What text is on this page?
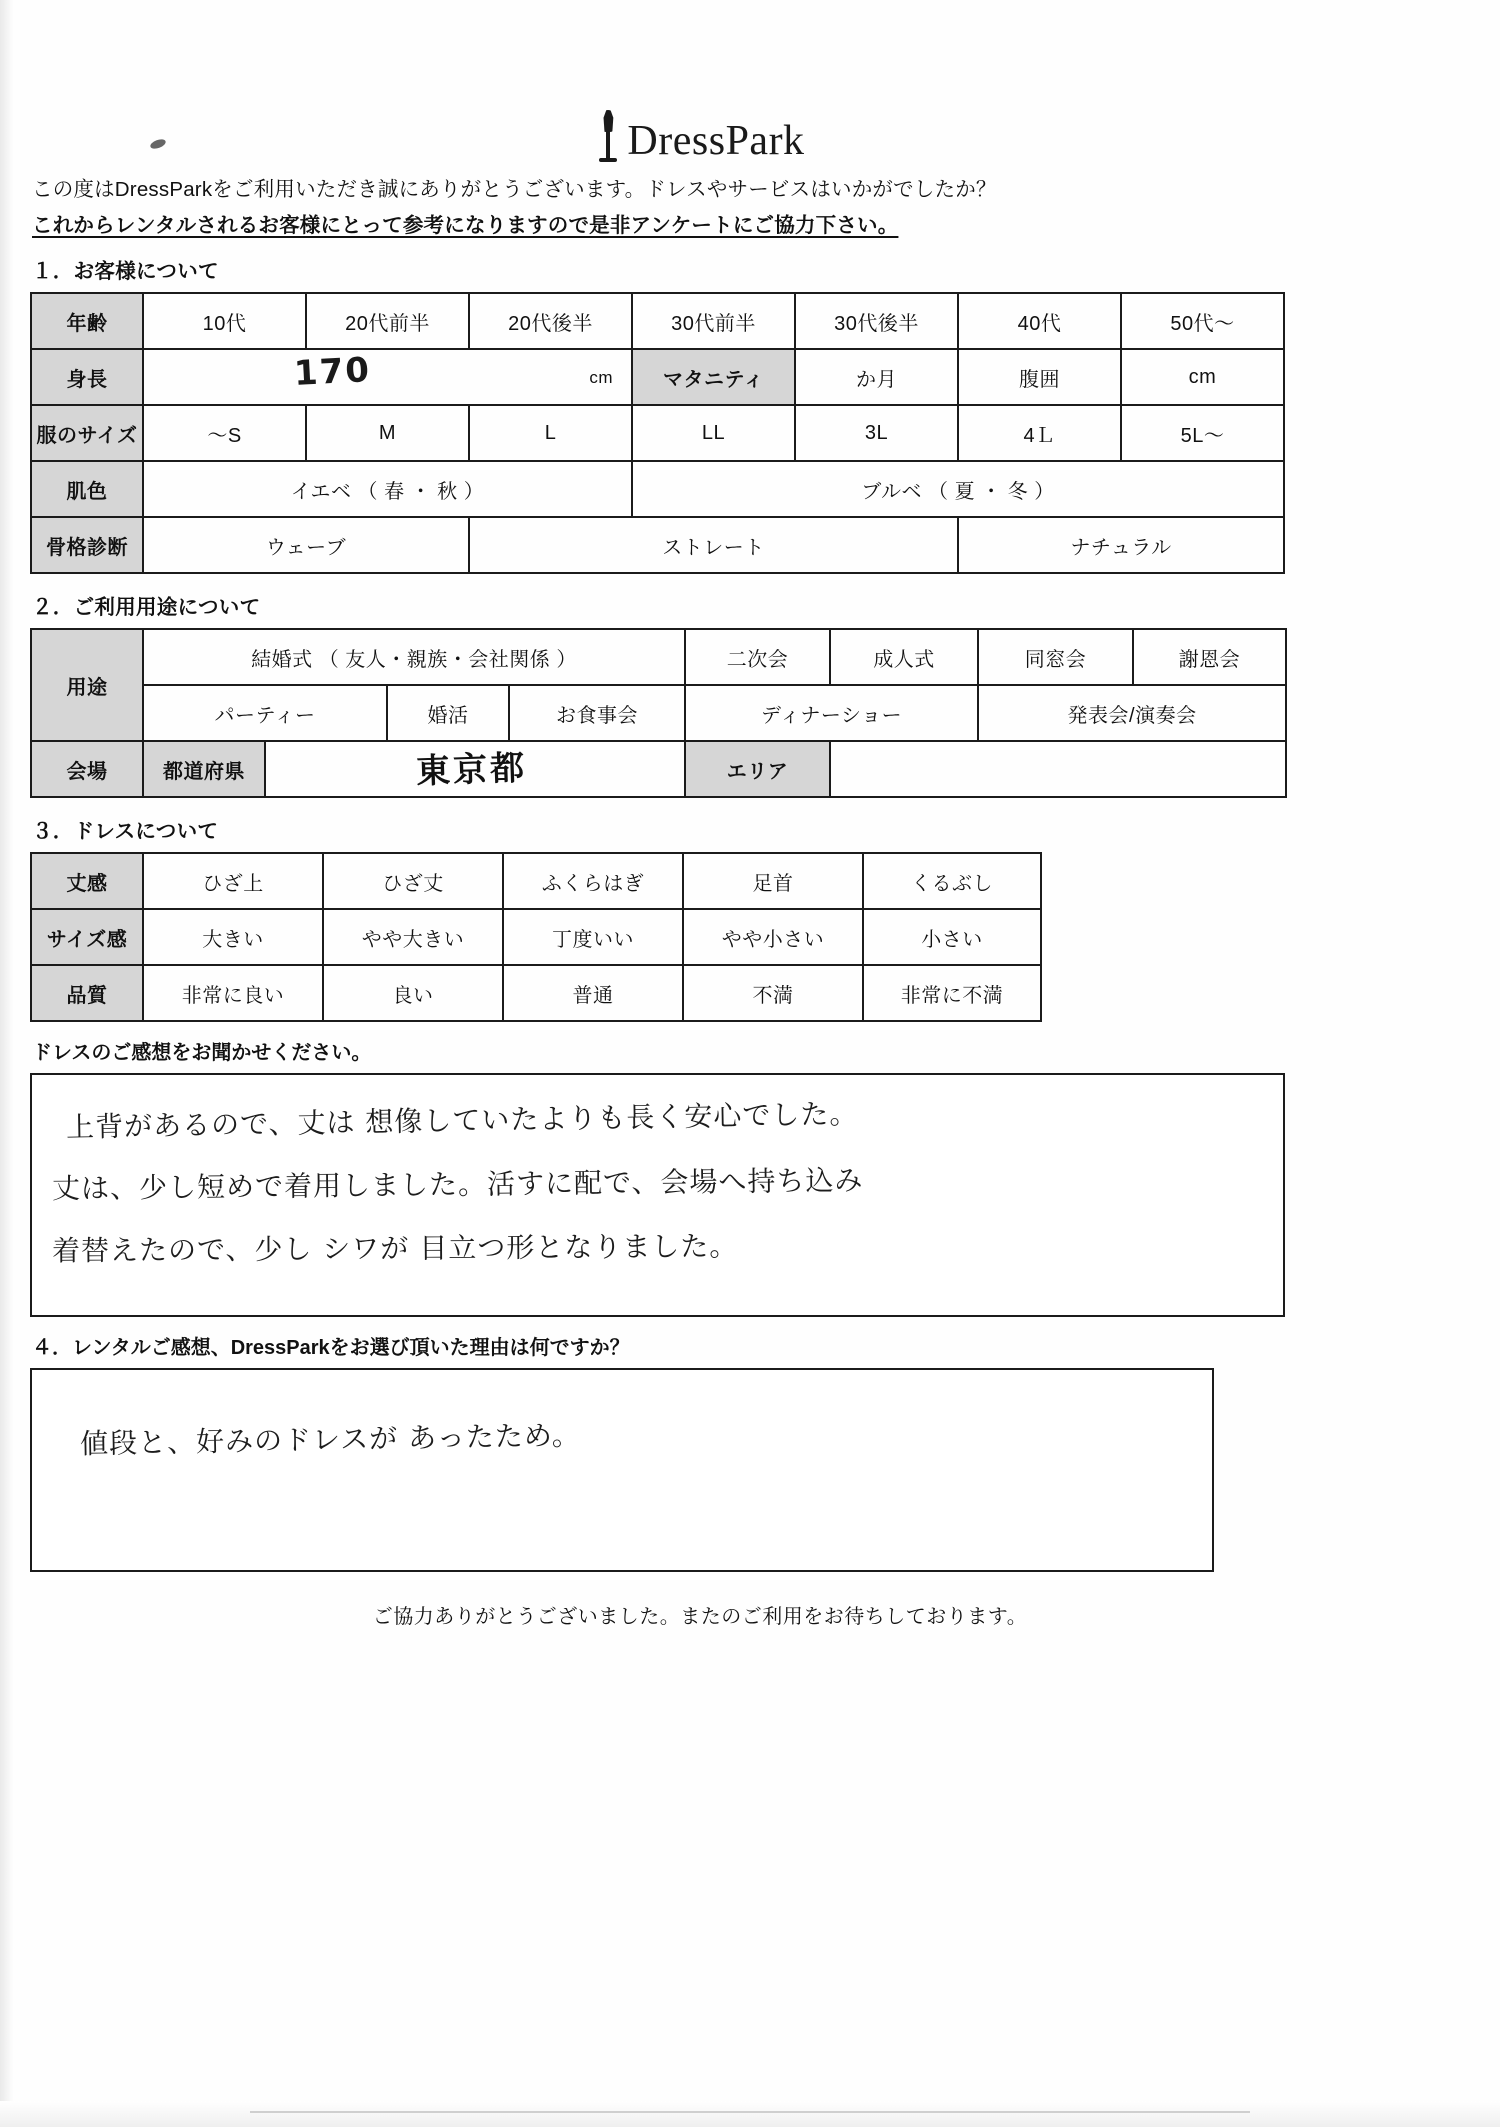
DressPark
この度はDressParkをご利用いただき誠にありがとうございます。ドレスやサービスはいかがでしたか？
これからレンタルされるお客様にとって参考になりますので是非アンケートにご協力下さい。
１．お客様について
年齢	10代	20代前半	20代後半	30代前半	30代後半	40代	50代～
身長	170 cm			マタニティ	か月	腹囲	cm
服のサイズ	～S	M	L	LL	3L	4Ｌ	5L～
肌色	イエベ （ 春 ・ 秋 ）			ブルベ （ 夏 ・ 冬 ）			
骨格診断	ウェーブ		ストレート			ナチュラル	
２．ご利用用途について
用途	結婚式 （ 友人・親族・会社関係 ）				二次会	成人式	同窓会	謝恩会
	パーティー		婚活	お食事会	ディナーショー		発表会/演奏会	
会場	都道府県	東京都			エリア			
３．ドレスについて
丈感	ひざ上	ひざ丈	ふくらはぎ	足首	くるぶし
サイズ感	大きい	やや大きい	丁度いい	やや小さい	小さい
品質	非常に良い	良い	普通	不満	非常に不満
ドレスのご感想をお聞かせください。
上背があるので、丈は 想像していたよりも長く安心でした。
丈は、少し短めで着用しました。活すに配で、会場へ持ち込み
着替えたので、少し シワが 目立つ形となりました。
４．レンタルご感想、DressParkをお選び頂いた理由は何ですか？
値段と、好みのドレスが あったため。
ご協力ありがとうございました。またのご利用をお待ちしております。
